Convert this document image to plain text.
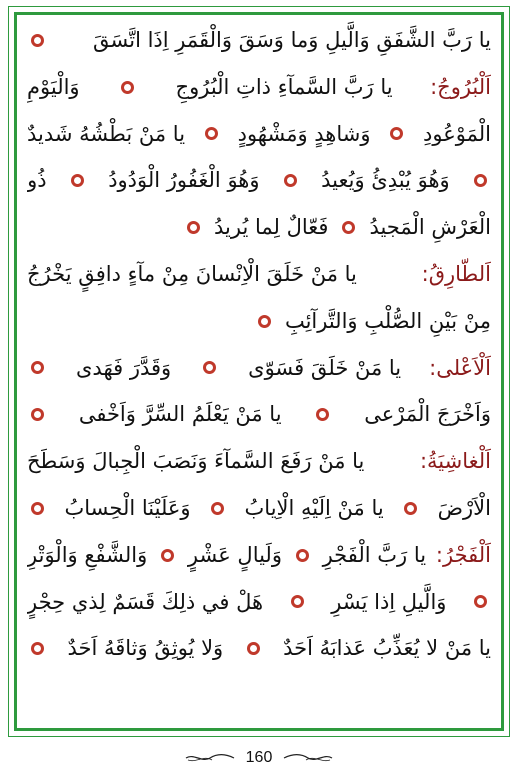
یا رَبَّ الشَّفَقِ وَالَّیلِ وَما وَسَقَ وَالْقَمَرِ اِذَا اتَّسَقَ
اَلْبُرُوجُ:
یا رَبَّ السَّمآءِ ذاتِ الْبُرُوجِ
وَالْيَوْمِ
الْمَوْعُودِ
وَشاهِدٍ وَمَشْهُودٍ
یا مَنْ بَطْشُهُ شَديدٌ
وَهُوَ يُبْدِئُ وَيُعيدُ
وَهُوَ الْغَفُورُ الْوَدُودُ
ذُو
الْعَرْشِ الْمَجيدُ
فَعّالٌ لِما يُريدُ
اَلطّارِقُ:
یا مَنْ خَلَقَ الْاِنْسانَ مِنْ مآءٍ دافِقٍ يَخْرُجُ
مِنْ بَيْنِ الصُّلْبِ وَالتَّرآئِبِ
اَلْاَعْلى:
یا مَنْ خَلَقَ فَسَوّى
وَقَدَّرَ فَهَدى
وَاَخْرَجَ الْمَرْعى
یا مَنْ يَعْلَمُ السِّرَّ وَاَخْفى
اَلْغاشِيَةُ:
یا مَنْ رَفَعَ السَّمآءَ وَنَصَبَ الْجِبالَ وَسَطَحَ
الْاَرْضَ
یا مَنْ اِلَيْهِ الْاِيابُ
وَعَلَيْنَا الْحِسابُ
اَلْفَجْرُ:
یا رَبَّ الْفَجْرِ
وَلَيالٍ عَشْرٍ
وَالشَّفْعِ وَالْوَتْرِ
وَالَّيلِ اِذا يَسْرِ
هَلْ في ذلِكَ قَسَمٌ لِذي حِجْرٍ
یا مَنْ لا يُعَذِّبُ عَذابَهُ اَحَدٌ
وَلا يُوثِقُ وَثاقَهُ اَحَدٌ
160
